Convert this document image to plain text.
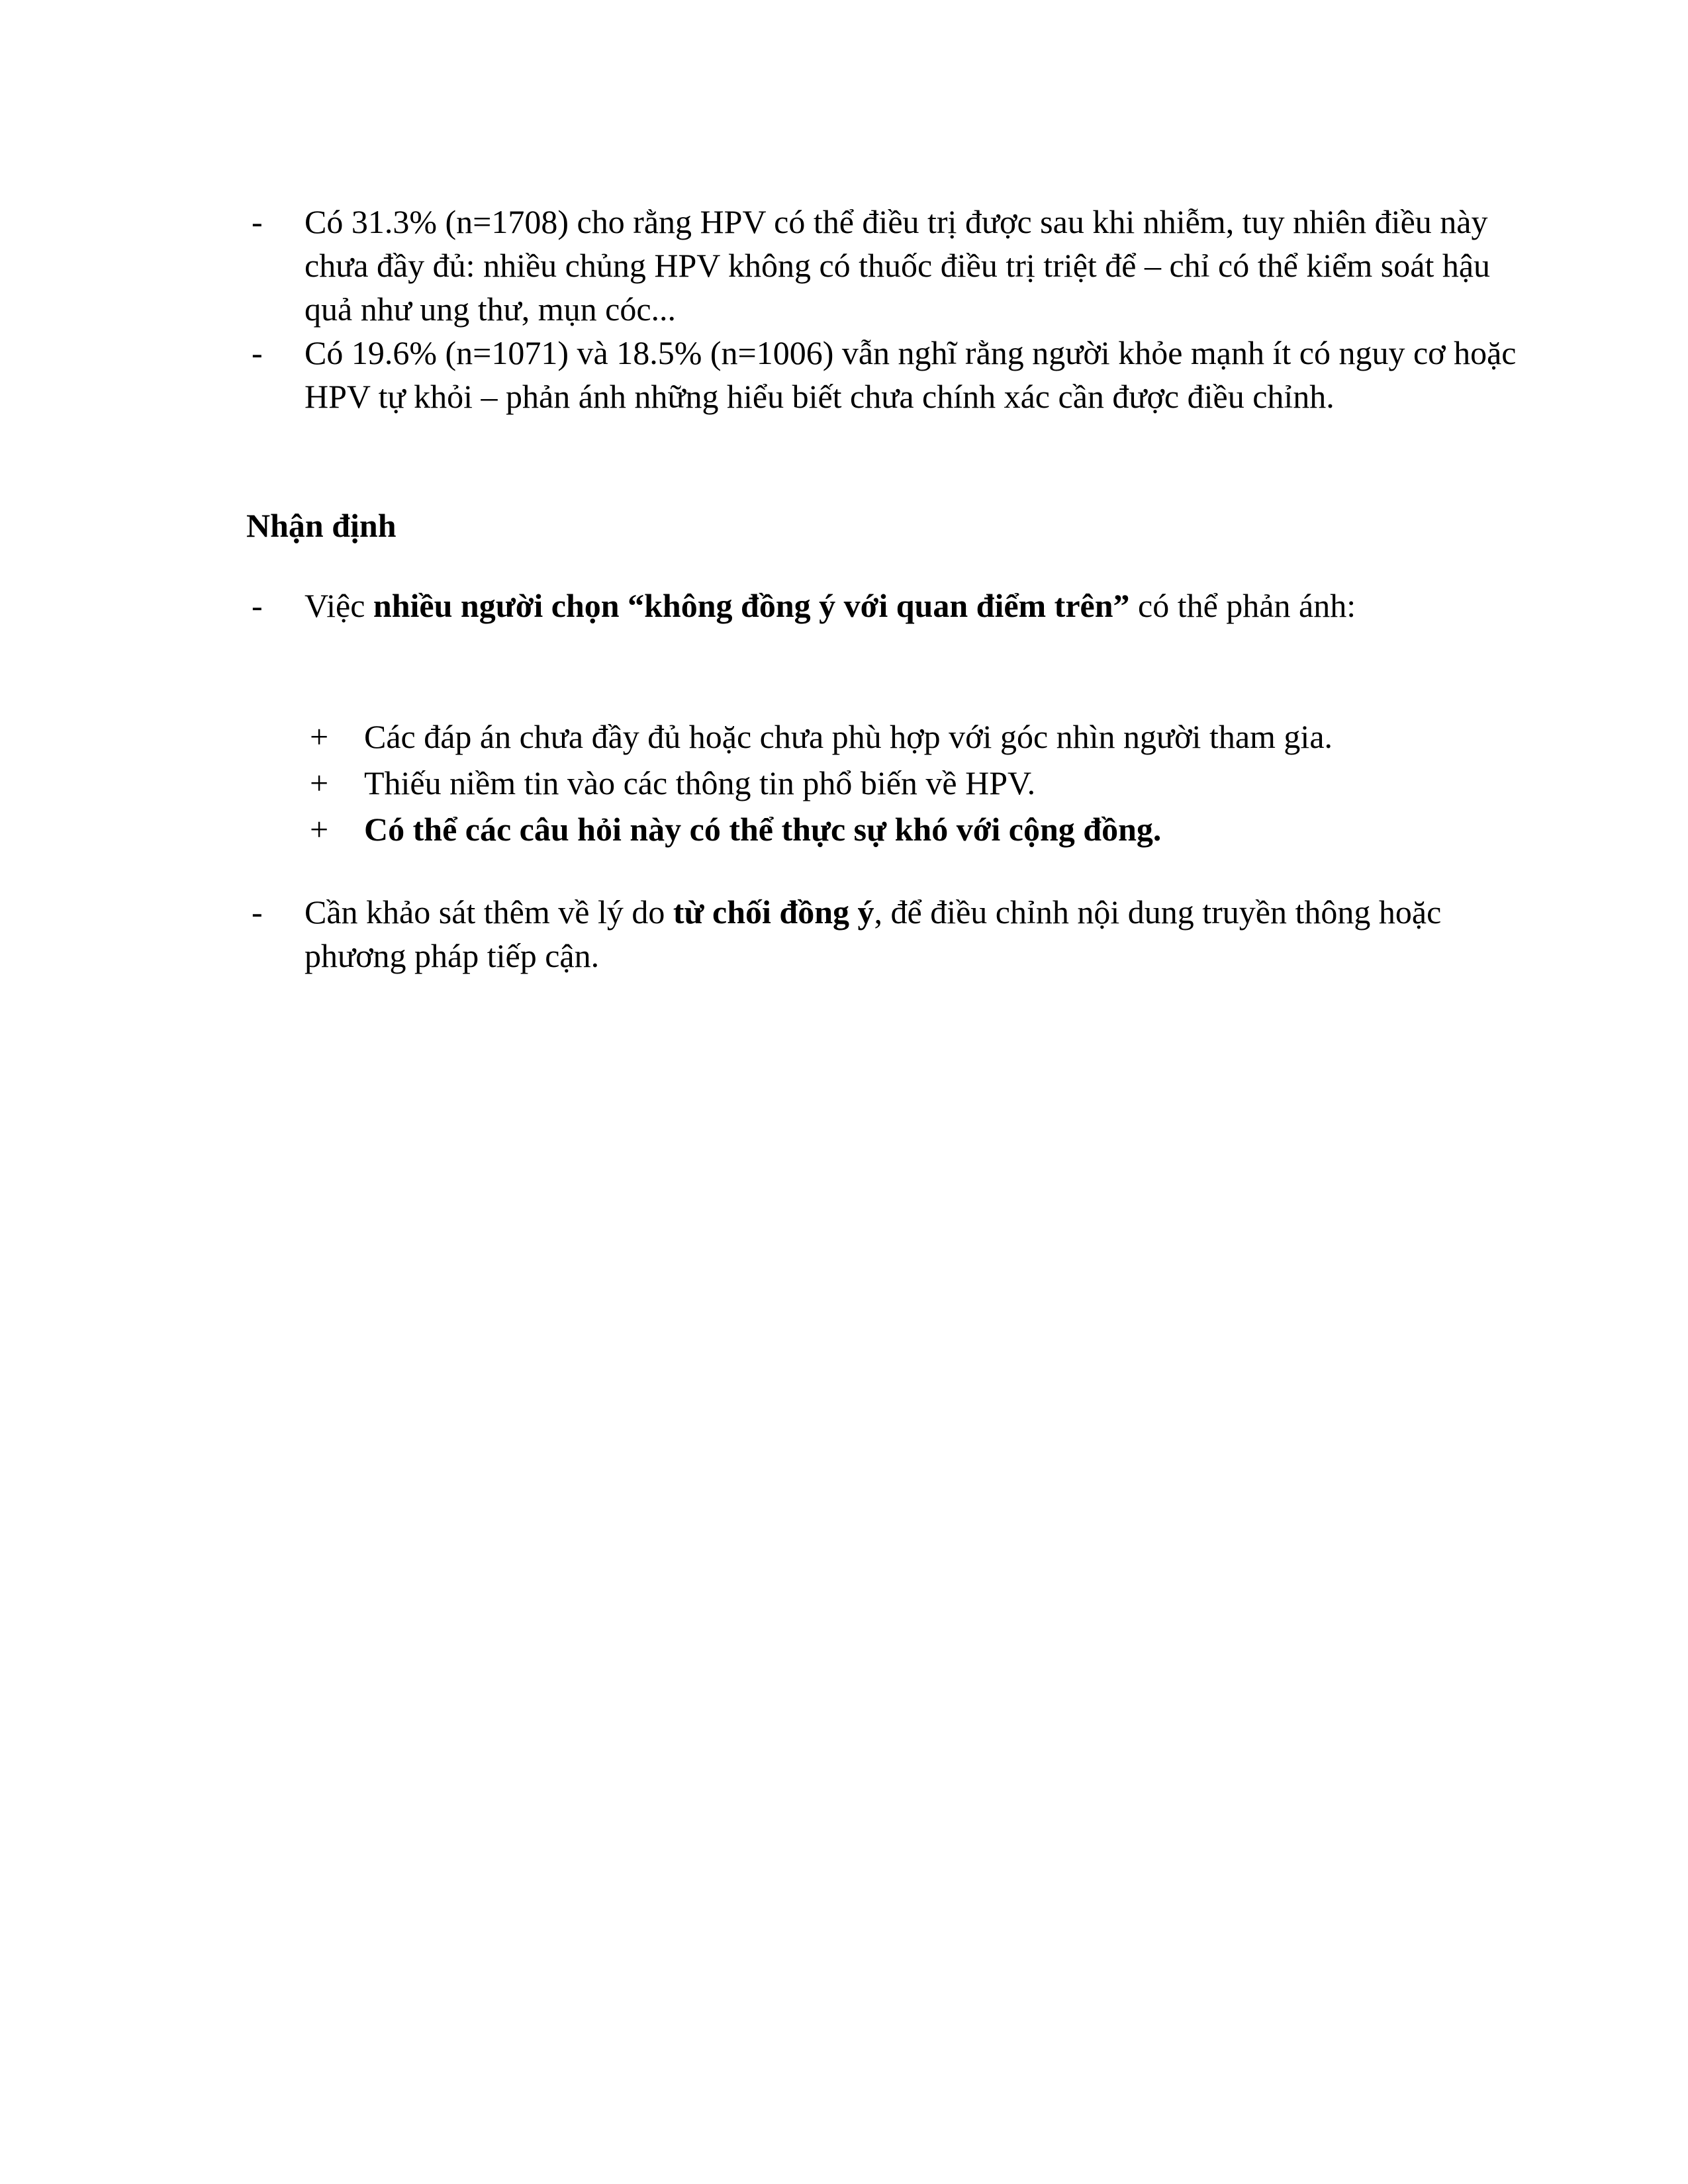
-	Có 31.3% (n=1708) cho rằng HPV có thể điều trị được sau khi nhiễm, tuy nhiên điều này chưa đầy đủ: nhiều chủng HPV không có thuốc điều trị triệt để – chỉ có thể kiểm soát hậu quả như ung thư, mụn cóc...
-	Có 19.6% (n=1071) và 18.5% (n=1006) vẫn nghĩ rằng người khỏe mạnh ít có nguy cơ hoặc HPV tự khỏi – phản ánh những hiểu biết chưa chính xác cần được điều chỉnh.
Nhận định
-	Việc nhiều người chọn “không đồng ý với quan điểm trên” có thể phản ánh:
+ Các đáp án chưa đầy đủ hoặc chưa phù hợp với góc nhìn người tham gia.
+ Thiếu niềm tin vào các thông tin phổ biến về HPV.
+ Có thể các câu hỏi này có thể thực sự khó với cộng đồng.
-	Cần khảo sát thêm về lý do từ chối đồng ý, để điều chỉnh nội dung truyền thông hoặc phương pháp tiếp cận.
